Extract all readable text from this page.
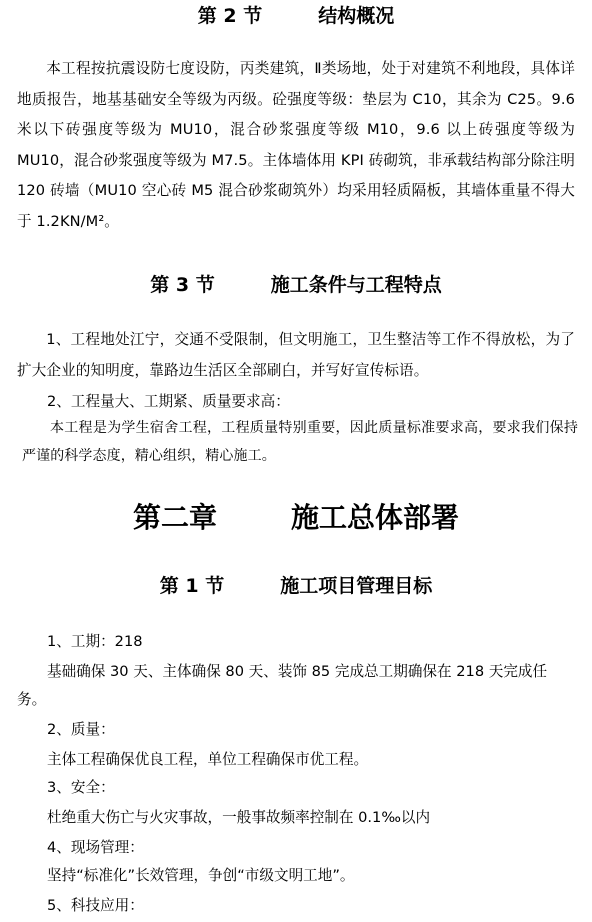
第 2 节	结构概况
本工程按抗震设防七度设防，丙类建筑，Ⅱ类场地，处于对建筑不利地段，具体详地质报告，地基基础安全等级为丙级。砼强度等级：垫层为 C10，其余为 C25。9.6 米以下砖强度等级为 MU10，混合砂浆强度等级 M10，9.6 以上砖强度等级为 MU10，混合砂浆强度等级为 M7.5。主体墙体用 KPI 砖砌筑，非承载结构部分除注明 120 砖墙（MU10 空心砖 M5 混合砂浆砌筑外）均采用轻质隔板，其墙体重量不得大于 1.2KN/M²。
第 3 节	施工条件与工程特点
1、工程地处江宁，交通不受限制，但文明施工，卫生整洁等工作不得放松，为了扩大企业的知明度，靠路边生活区全部刷白，并写好宣传标语。
2、工程量大、工期紧、质量要求高：
本工程是为学生宿舍工程，工程质量特别重要，因此质量标准要求高，要求我们保持严谨的科学态度，精心组织，精心施工。
第二章	施工总体部署
第 1 节	施工项目管理目标
1、工期：218
基础确保 30 天、主体确保 80 天、装饰 85 完成总工期确保在 218 天完成任
务。
2、质量：
主体工程确保优良工程，单位工程确保市优工程。
3、安全：
杜绝重大伤亡与火灾事故，一般事故频率控制在 0.1‰以内
4、现场管理：
坚持“标准化”长效管理，争创“市级文明工地”。
5、科技应用：
